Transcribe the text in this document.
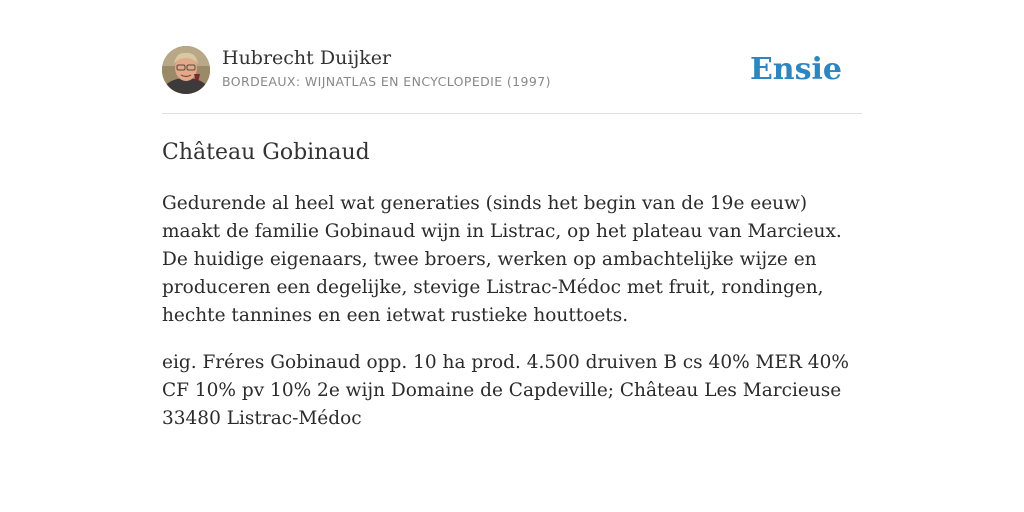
Hubrecht Duijker
BORDEAUX: WIJNATLAS EN ENCYCLOPEDIE (1997)	Ensie
Château Gobinaud

Gedurende al heel wat generaties (sinds het begin van de 19e eeuw) maakt de familie Gobinaud wijn in Listrac, op het plateau van Marcieux. De huidige eigenaars, twee broers, werken op ambachtelijke wijze en produceren een degelijke, stevige Listrac-Médoc met fruit, rondingen, hechte tannines en een ietwat rustieke houttoets.

eig. Fréres Gobinaud opp. 10 ha prod. 4.500 druiven B cs 40% MER 40% CF 10% pv 10% 2e wijn Domaine de Capdeville; Château Les Marcieuse 33480 Listrac-Médoc
